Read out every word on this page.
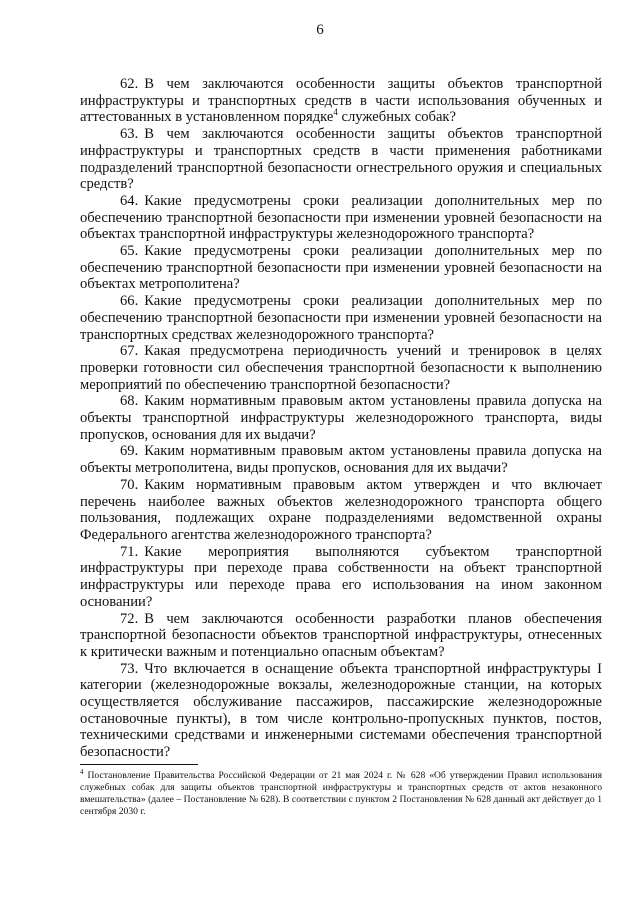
6

62. В чем заключаются особенности защиты объектов транспортной инфраструктуры и транспортных средств в части использования обученных и аттестованных в установленном порядке$^4$ служебных собак?

63. В чем заключаются особенности защиты объектов транспортной инфраструктуры и транспортных средств в части применения работниками подразделений транспортной безопасности огнестрельного оружия и специальных средств?

64. Какие предусмотрены сроки реализации дополнительных мер по обеспечению транспортной безопасности при изменении уровней безопасности на объектах транспортной инфраструктуры железнодорожного транспорта?

65. Какие предусмотрены сроки реализации дополнительных мер по обеспечению транспортной безопасности при изменении уровней безопасности на объектах метрополитена?

66. Какие предусмотрены сроки реализации дополнительных мер по обеспечению транспортной безопасности при изменении уровней безопасности на транспортных средствах железнодорожного транспорта?

67. Какая предусмотрена периодичность учений и тренировок в целях проверки готовности сил обеспечения транспортной безопасности к выполнению мероприятий по обеспечению транспортной безопасности?

68. Каким нормативным правовым актом установлены правила допуска на объекты транспортной инфраструктуры железнодорожного транспорта, виды пропусков, основания для их выдачи?

69. Каким нормативным правовым актом установлены правила допуска на объекты метрополитена, виды пропусков, основания для их выдачи?

70. Каким нормативным правовым актом утвержден и что включает перечень наиболее важных объектов железнодорожного транспорта общего пользования, подлежащих охране подразделениями ведомственной охраны Федерального агентства железнодорожного транспорта?

71. Какие мероприятия выполняются субъектом транспортной инфраструктуры при переходе права собственности на объект транспортной инфраструктуры или переходе права его использования на ином законном основании?

72. В чем заключаются особенности разработки планов обеспечения транспортной безопасности объектов транспортной инфраструктуры, отнесенных к критически важным и потенциально опасным объектам?

73. Что включается в оснащение объекта транспортной инфраструктуры I категории (железнодорожные вокзалы, железнодорожные станции, на которых осуществляется обслуживание пассажиров, пассажирские железнодорожные остановочные пункты), в том числе контрольно-пропускных пунктов, постов, техническими средствами и инженерными системами обеспечения транспортной безопасности?

$^4$ Постановление Правительства Российской Федерации от 21 мая 2024 г. № 628 «Об утверждении Правил использования служебных собак для защиты объектов транспортной инфраструктуры и транспортных средств от актов незаконного вмешательства» (далее – Постановление № 628). В соответствии с пунктом 2 Постановления № 628 данный акт действует до 1 сентября 2030 г.
